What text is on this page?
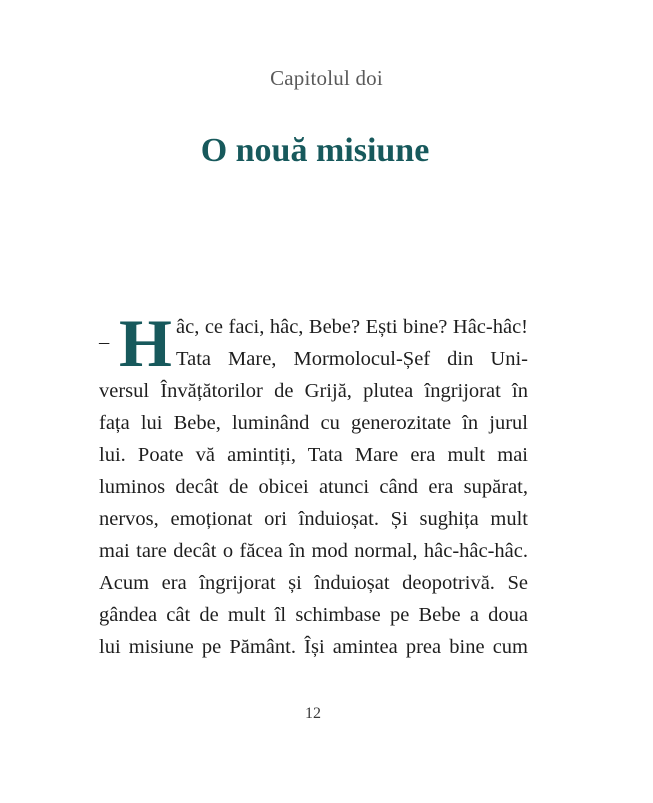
Capitolul doi
O nouă misiune
– H âc, ce faci, hâc, Bebe? Ești bine? Hâc-hâc!
Tata Mare, Mormolocul-Șef din Uni-
versul Învățătorilor de Grijă, plutea îngrijorat în
fața lui Bebe, luminând cu generozitate în jurul
lui. Poate vă amintiți, Tata Mare era mult mai
luminos decât de obicei atunci când era supărat,
nervos, emoționat ori înduioșat. Și sughița mult
mai tare decât o făcea în mod normal, hâc-hâc-hâc.
Acum era îngrijorat și înduioșat deopotrivă. Se
gândea cât de mult îl schimbase pe Bebe a doua
lui misiune pe Pământ. Își amintea prea bine cum
12
